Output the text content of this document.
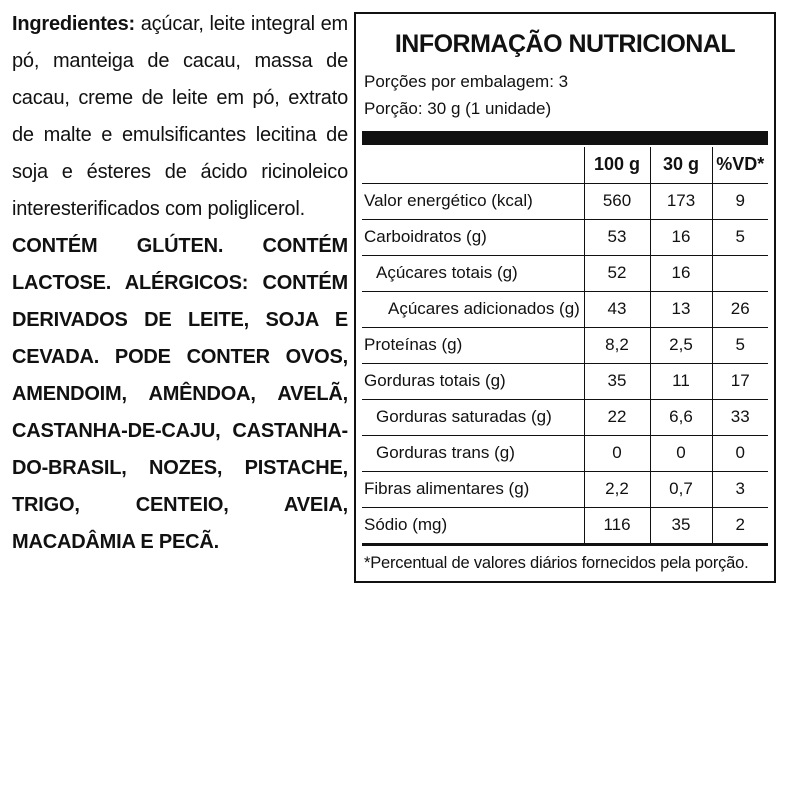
Ingredientes: açúcar, leite integral em pó, manteiga de cacau, massa de cacau, creme de leite em pó, extrato de malte e emulsificantes lecitina de soja e ésteres de ácido ricinoleico interesterificados com poliglicerol.
CONTÉM GLÚTEN. CONTÉM LACTOSE. ALÉRGICOS: CONTÉM DERIVADOS DE LEITE, SOJA E CEVADA. PODE CONTER OVOS, AMENDOIM, AMÊNDOA, AVELÃ, CASTANHA-DE-CAJU, CASTANHA-DO-BRASIL, NOZES, PISTACHE, TRIGO, CENTEIO, AVEIA, MACADÂMIA E PECÃ.
INFORMAÇÃO NUTRICIONAL
Porções por embalagem: 3
Porção: 30 g (1 unidade)
	100 g	30 g	%VD*
Valor energético (kcal)	560	173	9
Carboidratos (g)	53	16	5
Açúcares totais (g)	52	16	
Açúcares adicionados (g)	43	13	26
Proteínas (g)	8,2	2,5	5
Gorduras totais (g)	35	11	17
Gorduras saturadas (g)	22	6,6	33
Gorduras trans (g)	0	0	0
Fibras alimentares (g)	2,2	0,7	3
Sódio (mg)	116	35	2
*Percentual de valores diários fornecidos pela porção.
